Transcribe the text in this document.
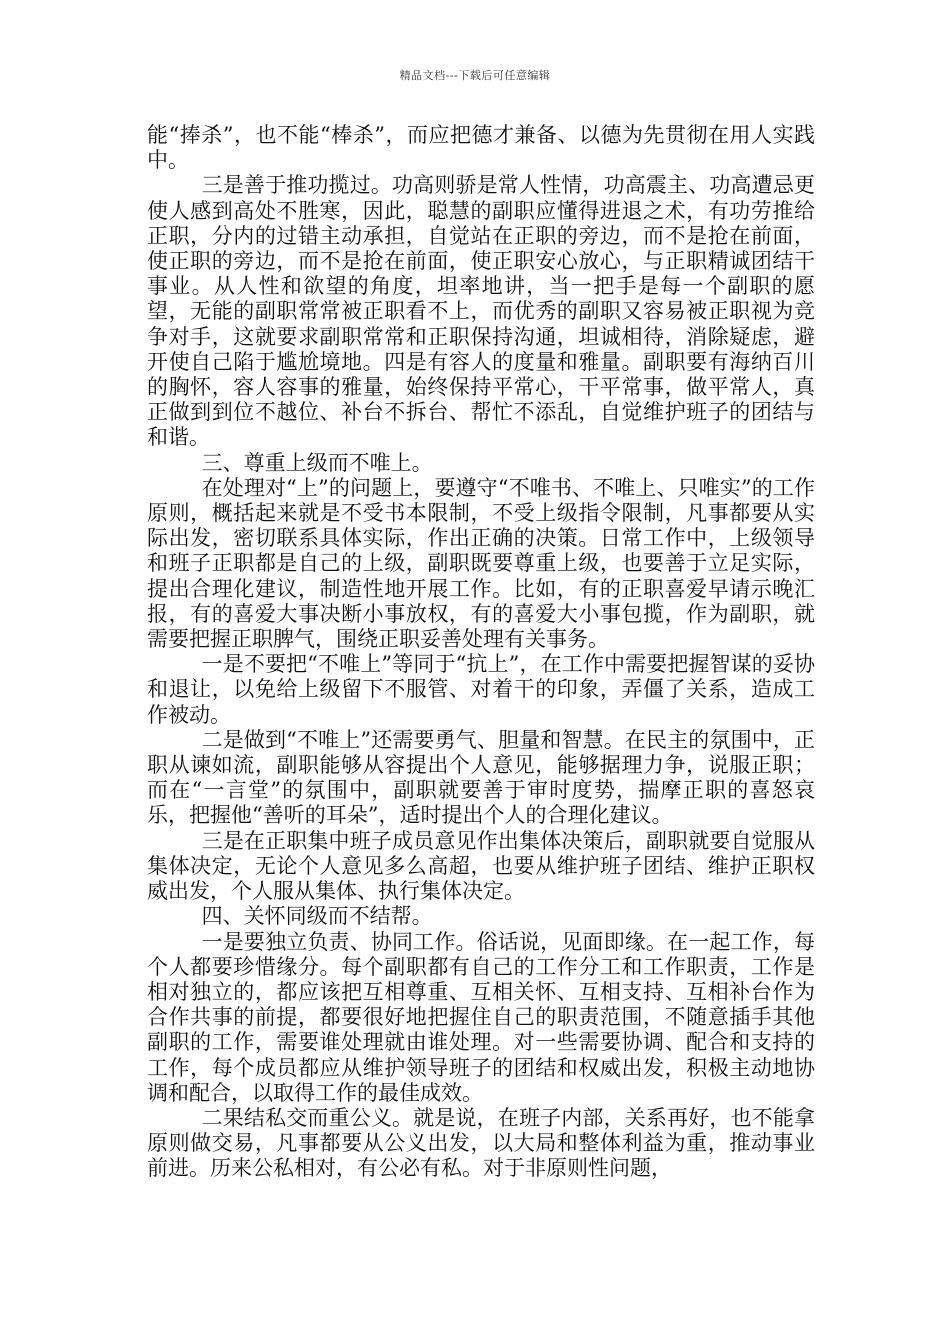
精品文档---下载后可任意编辑

能“捧杀”，也不能“棒杀”，而应把德才兼备、以德为先贯彻在用人实践中。

三是善于推功揽过。功高则骄是常人性情，功高震主、功高遭忌更使人感到高处不胜寒，因此，聪慧的副职应懂得进退之术，有功劳推给正职，分内的过错主动承担，自觉站在正职的旁边，而不是抢在前面，使正职的旁边，而不是抢在前面，使正职安心放心，与正职精诚团结干事业。从人性和欲望的角度，坦率地讲，当一把手是每一个副职的愿望，无能的副职常常被正职看不上，而优秀的副职又容易被正职视为竞争对手，这就要求副职常常和正职保持沟通，坦诚相待，消除疑虑，避开使自己陷于尴尬境地。四是有容人的度量和雅量。副职要有海纳百川的胸怀，容人容事的雅量，始终保持平常心，干平常事，做平常人，真正做到到位不越位、补台不拆台、帮忙不添乱，自觉维护班子的团结与和谐。

三、尊重上级而不唯上。

在处理对“上”的问题上，要遵守“不唯书、不唯上、只唯实”的工作原则，概括起来就是不受书本限制，不受上级指令限制，凡事都要从实际出发，密切联系具体实际，作出正确的决策。日常工作中，上级领导和班子正职都是自己的上级，副职既要尊重上级，也要善于立足实际，提出合理化建议，制造性地开展工作。比如，有的正职喜爱早请示晚汇报，有的喜爱大事决断小事放权，有的喜爱大小事包揽，作为副职，就需要把握正职脾气，围绕正职妥善处理有关事务。

一是不要把“不唯上”等同于“抗上”，在工作中需要把握智谋的妥协和退让，以免给上级留下不服管、对着干的印象，弄僵了关系，造成工作被动。

二是做到“不唯上”还需要勇气、胆量和智慧。在民主的氛围中，正职从谏如流，副职能够从容提出个人意见，能够据理力争，说服正职；而在“一言堂”的氛围中，副职就要善于审时度势，揣摩正职的喜怒哀乐，把握他“善听的耳朵”，适时提出个人的合理化建议。

三是在正职集中班子成员意见作出集体决策后，副职就要自觉服从集体决定，无论个人意见多么高超，也要从维护班子团结、维护正职权威出发，个人服从集体、执行集体决定。

四、关怀同级而不结帮。

一是要独立负责、协同工作。俗话说，见面即缘。在一起工作，每个人都要珍惜缘分。每个副职都有自己的工作分工和工作职责，工作是相对独立的，都应该把互相尊重、互相关怀、互相支持、互相补台作为合作共事的前提，都要很好地把握住自己的职责范围，不随意插手其他副职的工作，需要谁处理就由谁处理。对一些需要协调、配合和支持的工作，每个成员都应从维护领导班子的团结和权威出发，积极主动地协调和配合，以取得工作的最佳成效。

二果结私交而重公义。就是说，在班子内部，关系再好，也不能拿原则做交易，凡事都要从公义出发，以大局和整体利益为重，推动事业前进。历来公私相对，有公必有私。对于非原则性问题，
